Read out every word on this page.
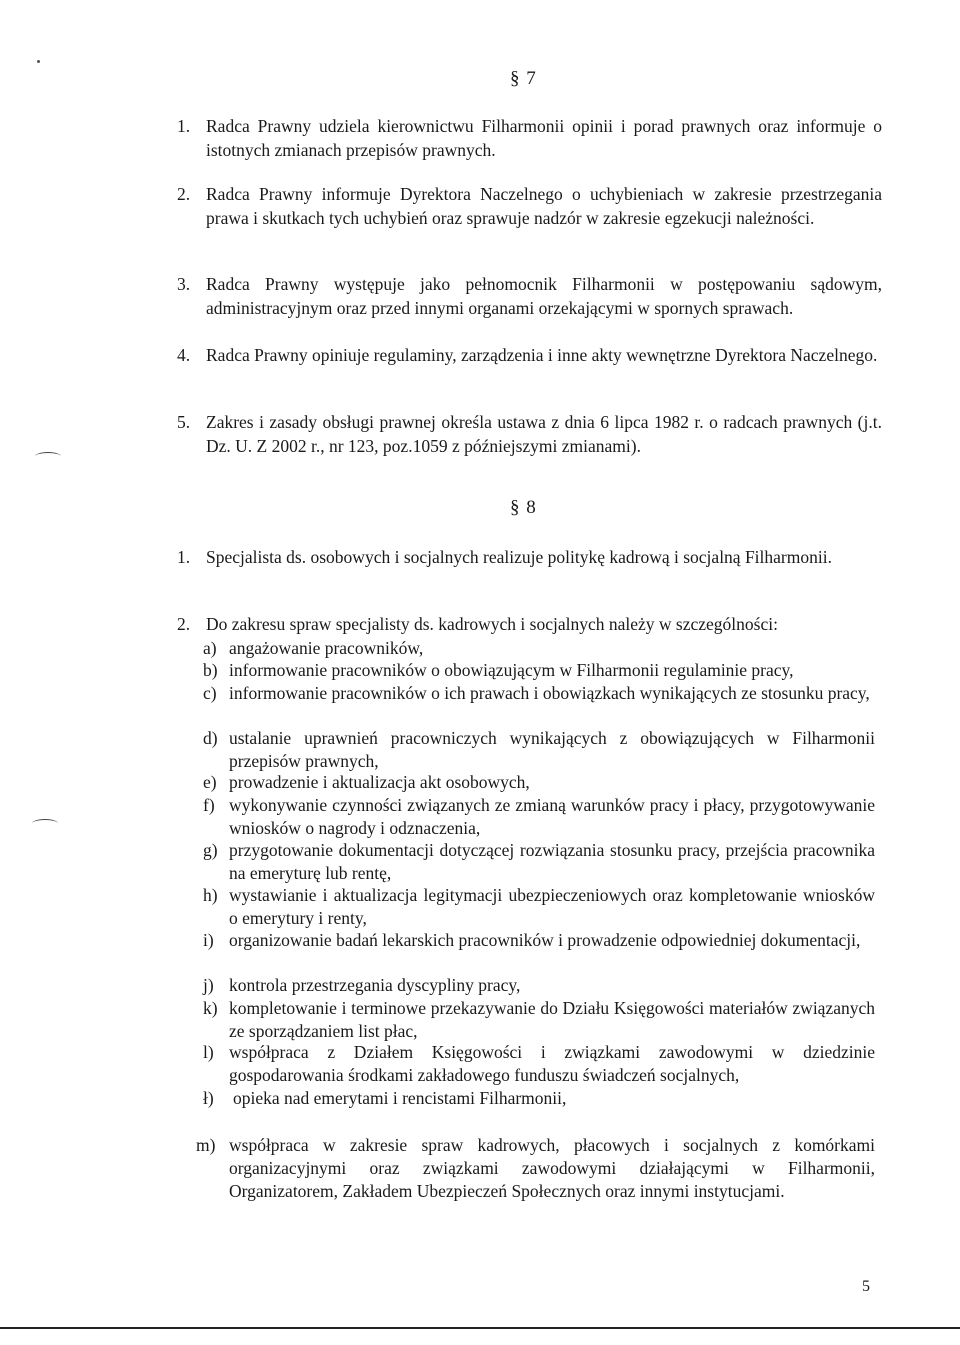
§ 7
1. Radca Prawny udziela kierownictwu Filharmonii opinii i porad prawnych oraz informuje o istotnych zmianach przepisów prawnych.
2. Radca Prawny informuje Dyrektora Naczelnego o uchybieniach w zakresie przestrzegania prawa i skutkach tych uchybień oraz sprawuje nadzór w zakresie egzekucji należności.
3. Radca Prawny występuje jako pełnomocnik Filharmonii w postępowaniu sądowym, administracyjnym oraz przed innymi organami orzekającymi w spornych sprawach.
4. Radca Prawny opiniuje regulaminy, zarządzenia i inne akty wewnętrzne Dyrektora Naczelnego.
5. Zakres i zasady obsługi prawnej określa ustawa z dnia 6 lipca 1982 r. o radcach prawnych (j.t. Dz. U. Z 2002 r., nr 123, poz.1059 z późniejszymi zmianami).
§ 8
1. Specjalista ds. osobowych i socjalnych realizuje politykę kadrową i socjalną Filharmonii.
2. Do zakresu spraw specjalisty ds. kadrowych i socjalnych należy w szczególności:
a) angażowanie pracowników,
b) informowanie pracowników o obowiązującym w Filharmonii regulaminie pracy,
c) informowanie pracowników o ich prawach i obowiązkach wynikających ze stosunku pracy,
d) ustalanie uprawnień pracowniczych wynikających z obowiązujących w Filharmonii przepisów prawnych,
e) prowadzenie i aktualizacja akt osobowych,
f) wykonywanie czynności związanych ze zmianą warunków pracy i płacy, przygotowywanie wniosków o nagrody i odznaczenia,
g) przygotowanie dokumentacji dotyczącej rozwiązania stosunku pracy, przejścia pracownika na emeryturę lub rentę,
h) wystawianie i aktualizacja legitymacji ubezpieczeniowych oraz kompletowanie wniosków o emerytury i renty,
i) organizowanie badań lekarskich pracowników i prowadzenie odpowiedniej dokumentacji,
j) kontrola przestrzegania dyscypliny pracy,
k) kompletowanie i terminowe przekazywanie do Działu Księgowości materiałów związanych ze sporządzaniem list płac,
l) współpraca z Działem Księgowości i związkami zawodowymi w dziedzinie gospodarowania środkami zakładowego funduszu świadczeń socjalnych,
ł) opieka nad emerytami i rencistami Filharmonii,
m) współpraca w zakresie spraw kadrowych, płacowych i socjalnych z komórkami organizacyjnymi oraz związkami zawodowymi działającymi w Filharmonii, Organizatorem, Zakładem Ubezpieczeń Społecznych oraz innymi instytucjami.
5
